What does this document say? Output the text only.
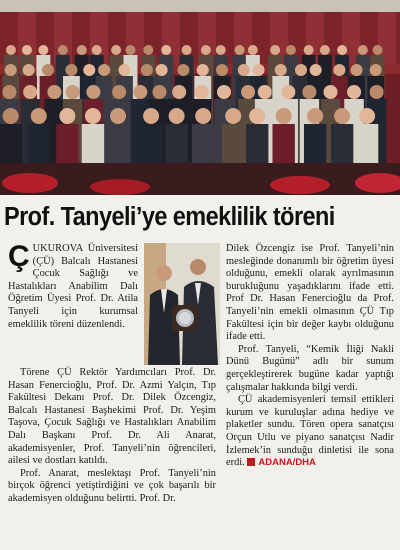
Prof. Tanyeli’ye emeklilik töreni

ÇUKUROVA Üniversitesi (ÇÜ) Balcalı Hastanesi Çocuk Sağlığı ve Hastalıkları Anabilim Dalı Öğretim Üyesi Prof. Dr. Atila Tanyeli için kurumsal emeklilik töreni düzenlendi.

Törene ÇÜ Rektör Yardımcıları Prof. Dr. Hasan Fenercioğlu, Prof. Dr. Azmi Yalçın, Tıp Fakültesi Dekanı Prof. Dr. Dilek Özcengiz, Balcalı Hastanesi Başhekimi Prof. Dr. Yeşim Taşova, Çocuk Sağlığı ve Hastalıkları Anabilim Dalı Başkanı Prof. Dr. Ali Anarat, akademisyenler, Prof. Tanyeli’nin öğrencileri, ailesi ve dostları katıldı.

Prof. Anarat, meslektaşı Prof. Tanyeli’nin birçok öğrenci yetiştirdiğini ve çok başarılı bir akademisyen olduğunu belirtti. Prof. Dr.

Dilek Özcengiz ise Prof. Tanyeli’nin mesleğinde donanımlı bir öğretim üyesi olduğunu, emekli olarak ayrılmasının burukluğunu yaşadıklarını ifade etti. Prof Dr. Hasan Fenercioğlu da Prof. Tanyeli’nin emekli olmasının ÇÜ Tıp Fakültesi için bir değer kaybı olduğunu ifade etti.

Prof. Tanyeli, “Kemik İliği Nakli Dünü Bugünü” adlı bir sunum gerçekleştirerek bugüne kadar yaptığı çalışmalar hakkında bilgi verdi.

ÇÜ akademisyenleri temsil ettikleri kurum ve kuruluşlar adına hediye ve plaketler sundu. Tören opera sanatçısı Orçun Utlu ve piyano sanatçısı Nadir İzlemek’in sunduğu dinletisi ile sona erdi. ADANA/DHA
